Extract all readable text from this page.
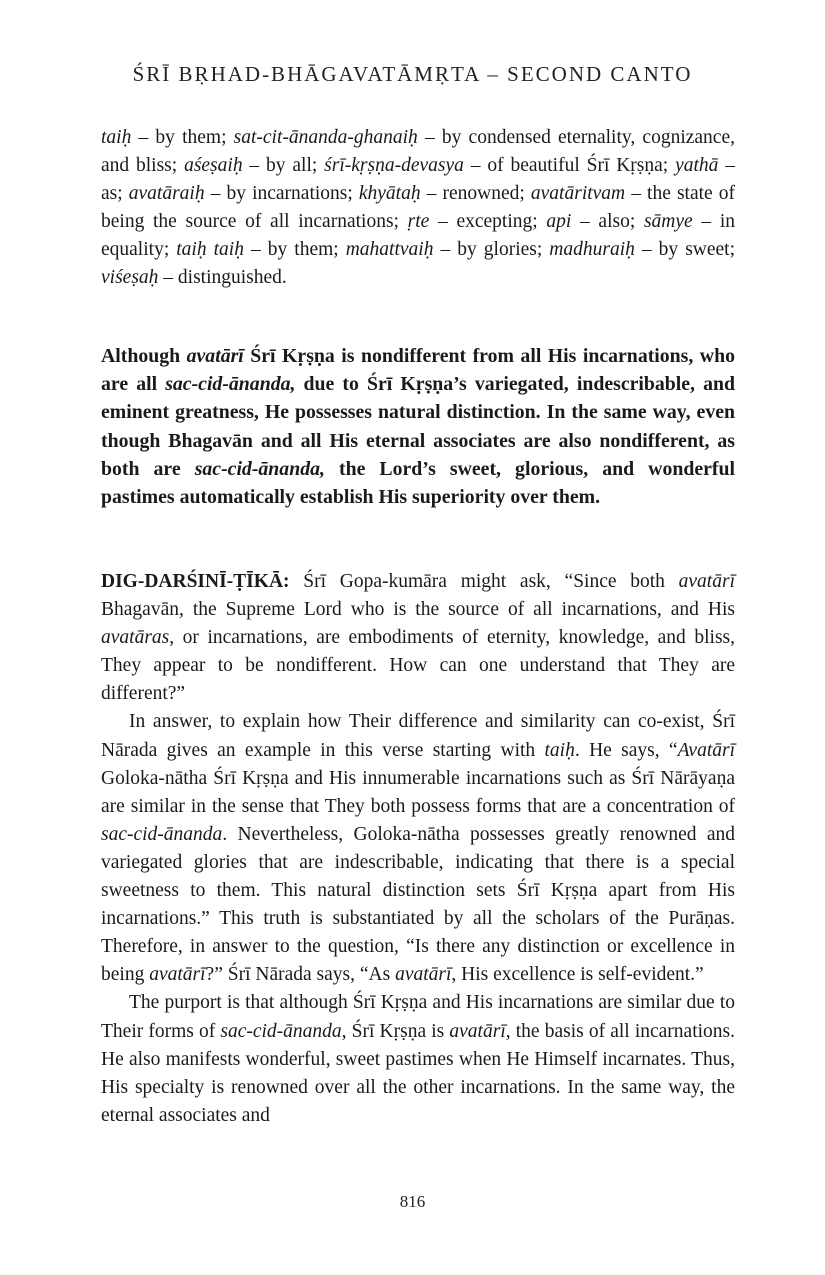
ŚRĪ BṚHAD-BHĀGAVATĀMṚTA – SECOND CANTO

taiḥ – by them; sat-cit-ānanda-ghanaiḥ – by condensed eternality, cognizance, and bliss; aśeṣaiḥ – by all; śrī-kṛṣṇa-devasya – of beautiful Śrī Kṛṣṇa; yathā – as; avatāraiḥ – by incarnations; khyātaḥ – renowned; avatāritvam – the state of being the source of all incarnations; ṛte – excepting; api – also; sāmye – in equality; taiḥ taiḥ – by them; mahattvaiḥ – by glories; madhuraiḥ – by sweet; viśeṣaḥ – distinguished.

Although avatārī Śrī Kṛṣṇa is nondifferent from all His incarnations, who are all sac-cid-ānanda, due to Śrī Kṛṣṇa’s variegated, indescribable, and eminent greatness, He possesses natural distinction. In the same way, even though Bhagavān and all His eternal associates are also nondifferent, as both are sac-cid-ānanda, the Lord’s sweet, glorious, and wonderful pastimes automatically establish His superiority over them.

DIG-DARŚINĪ-ṬĪKĀ: Śrī Gopa-kumāra might ask, “Since both avatārī Bhagavān, the Supreme Lord who is the source of all incarnations, and His avatāras, or incarnations, are embodiments of eternity, knowledge, and bliss, They appear to be nondifferent. How can one understand that They are different?”

In answer, to explain how Their difference and similarity can co-exist, Śrī Nārada gives an example in this verse starting with taiḥ. He says, “Avatārī Goloka-nātha Śrī Kṛṣṇa and His innumerable incarnations such as Śrī Nārāyaṇa are similar in the sense that They both possess forms that are a concentration of sac-cid-ānanda. Nevertheless, Goloka-nātha possesses greatly renowned and variegated glories that are indescribable, indicating that there is a special sweetness to them. This natural distinction sets Śrī Kṛṣṇa apart from His incarnations.” This truth is substantiated by all the scholars of the Purāṇas. Therefore, in answer to the question, “Is there any distinction or excellence in being avatārī?” Śrī Nārada says, “As avatārī, His excellence is self-evident.”

The purport is that although Śrī Kṛṣṇa and His incarnations are similar due to Their forms of sac-cid-ānanda, Śrī Kṛṣṇa is avatārī, the basis of all incarnations. He also manifests wonderful, sweet pastimes when He Himself incarnates. Thus, His specialty is renowned over all the other incarnations. In the same way, the eternal associates and

816
